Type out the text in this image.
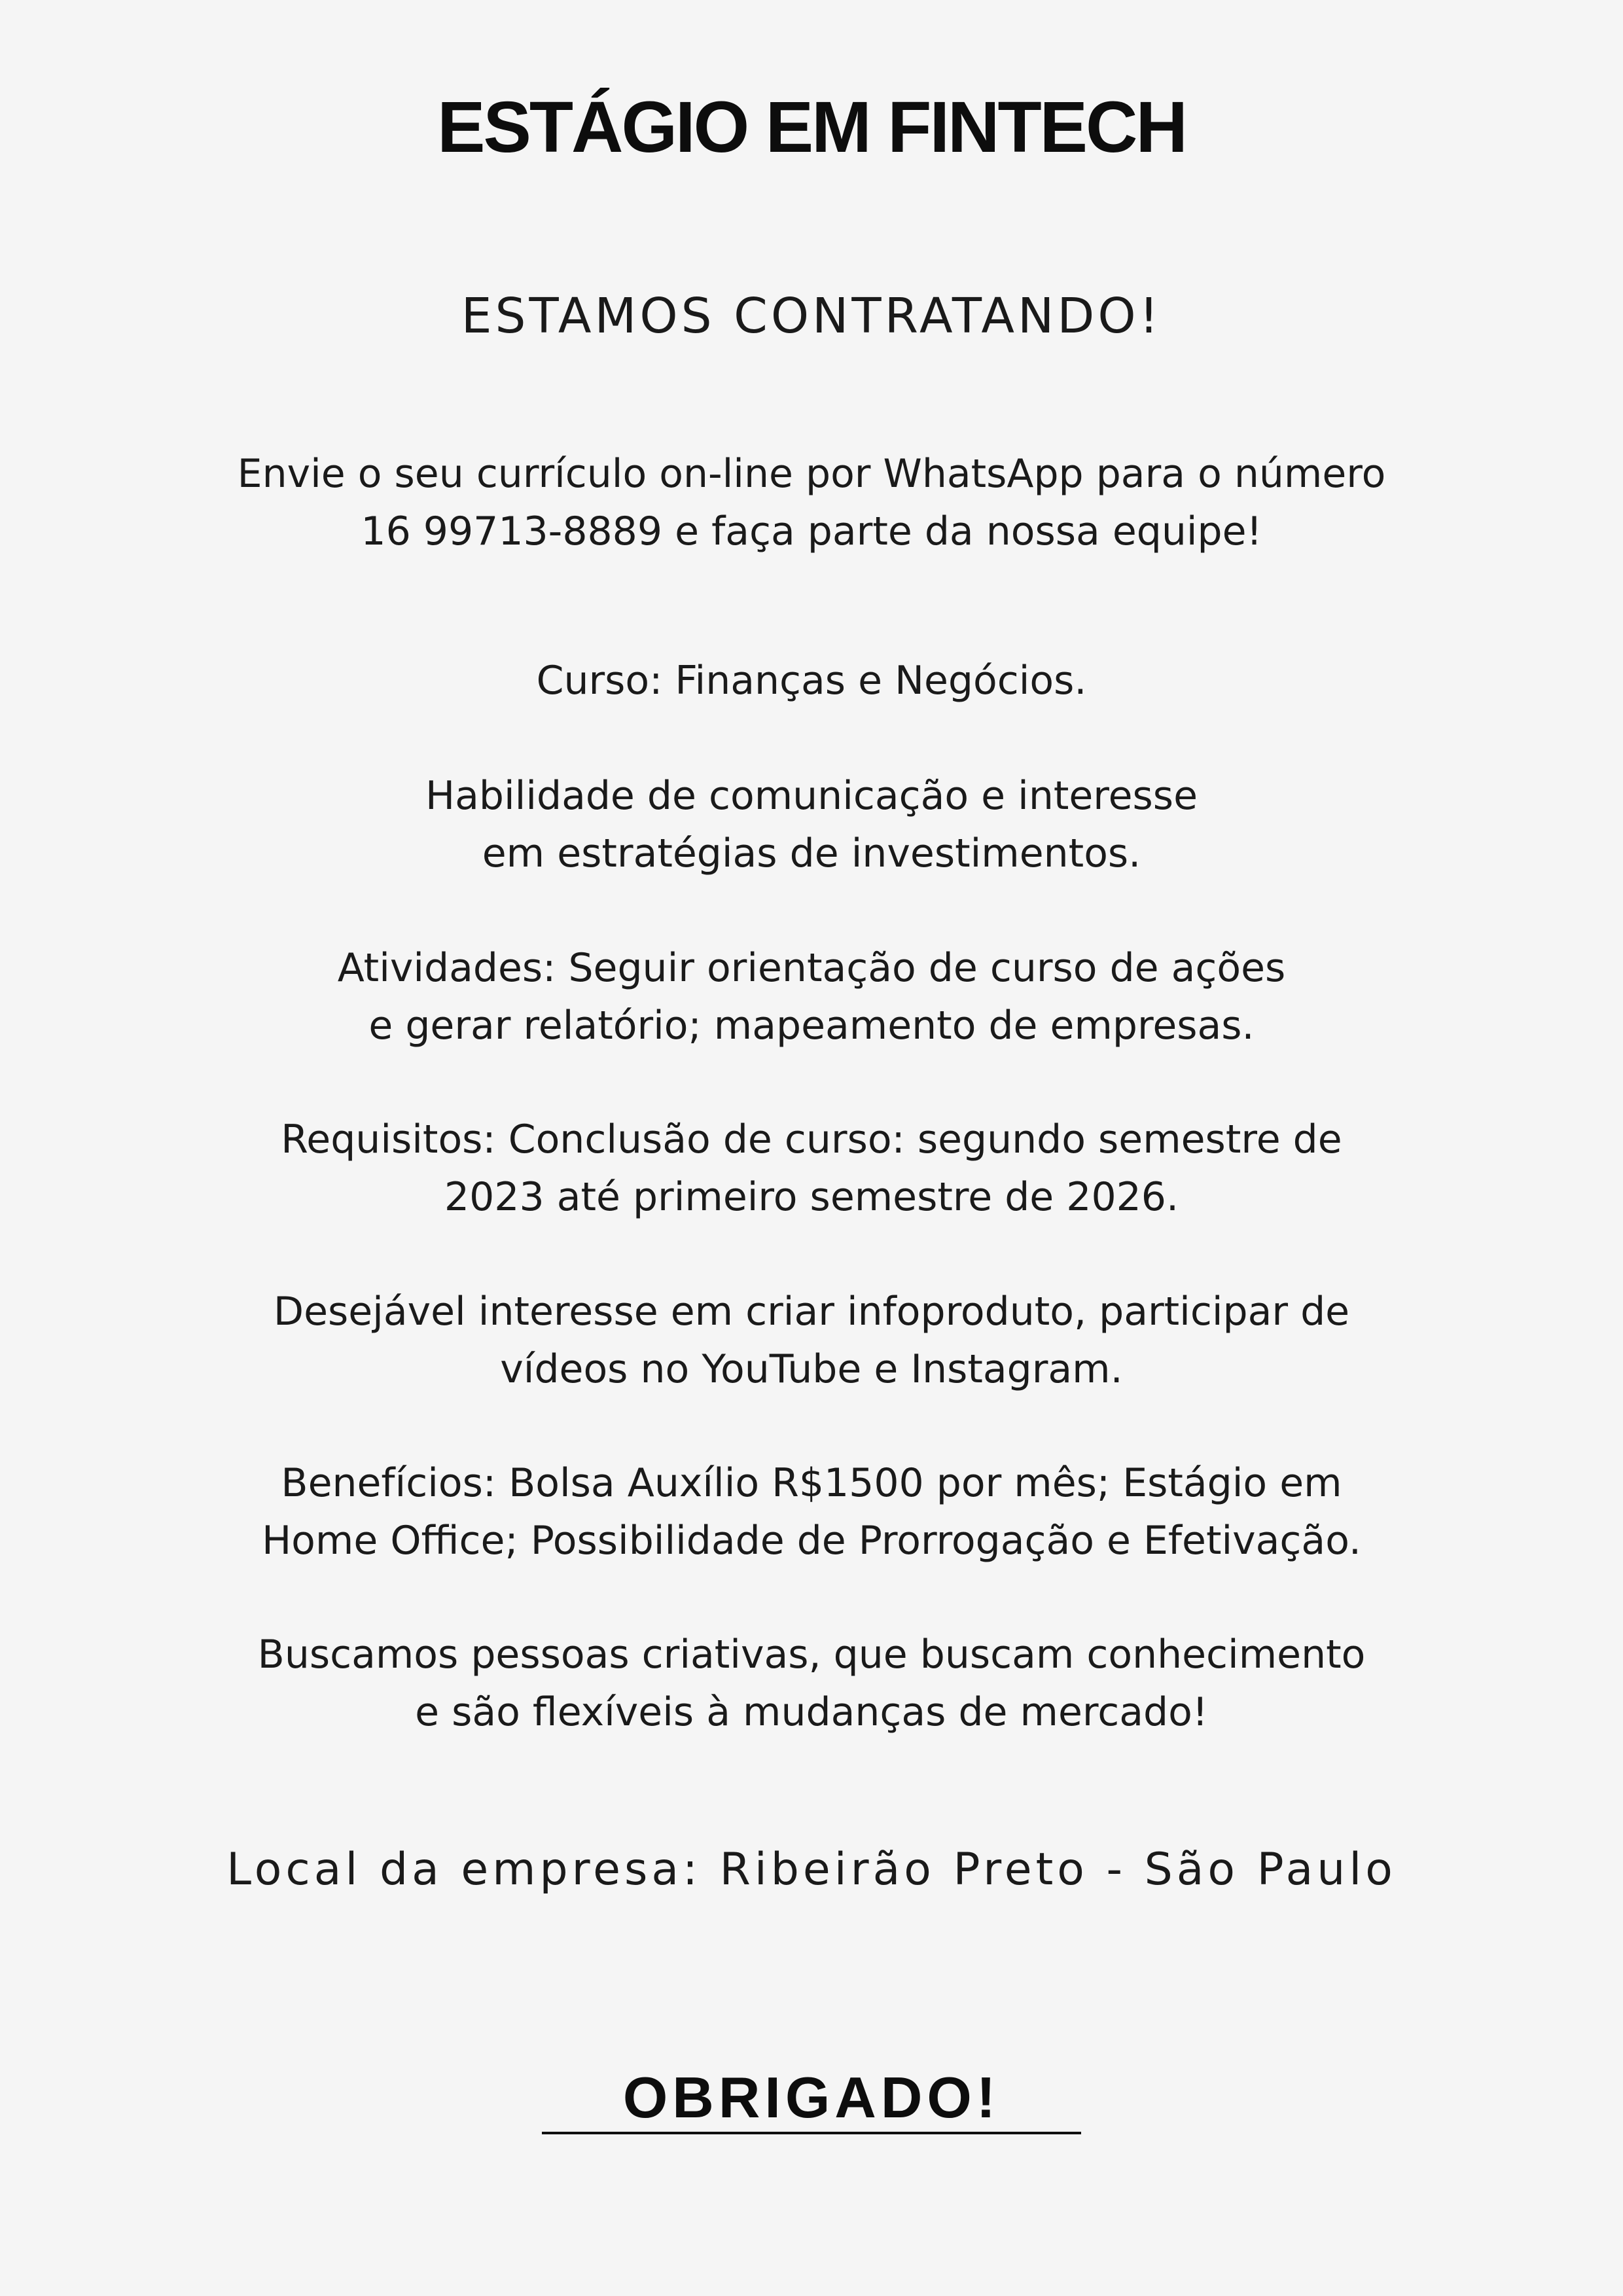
ESTÁGIO EM FINTECH
ESTAMOS CONTRATANDO!
Envie o seu currículo on-line por WhatsApp para o número
16 99713-8889 e faça parte da nossa equipe!
Curso: Finanças e Negócios.
Habilidade de comunicação e interesse
em estratégias de investimentos.
Atividades: Seguir orientação de curso de ações
e gerar relatório; mapeamento de empresas.
Requisitos: Conclusão de curso: segundo semestre de
2023 até primeiro semestre de 2026.
Desejável interesse em criar infoproduto, participar de
vídeos no YouTube e Instagram.
Benefícios: Bolsa Auxílio R$1500 por mês; Estágio em
Home Office; Possibilidade de Prorrogação e Efetivação.
Buscamos pessoas criativas, que buscam conhecimento
e são flexíveis à mudanças de mercado!
Local da empresa: Ribeirão Preto - São Paulo
OBRIGADO!
